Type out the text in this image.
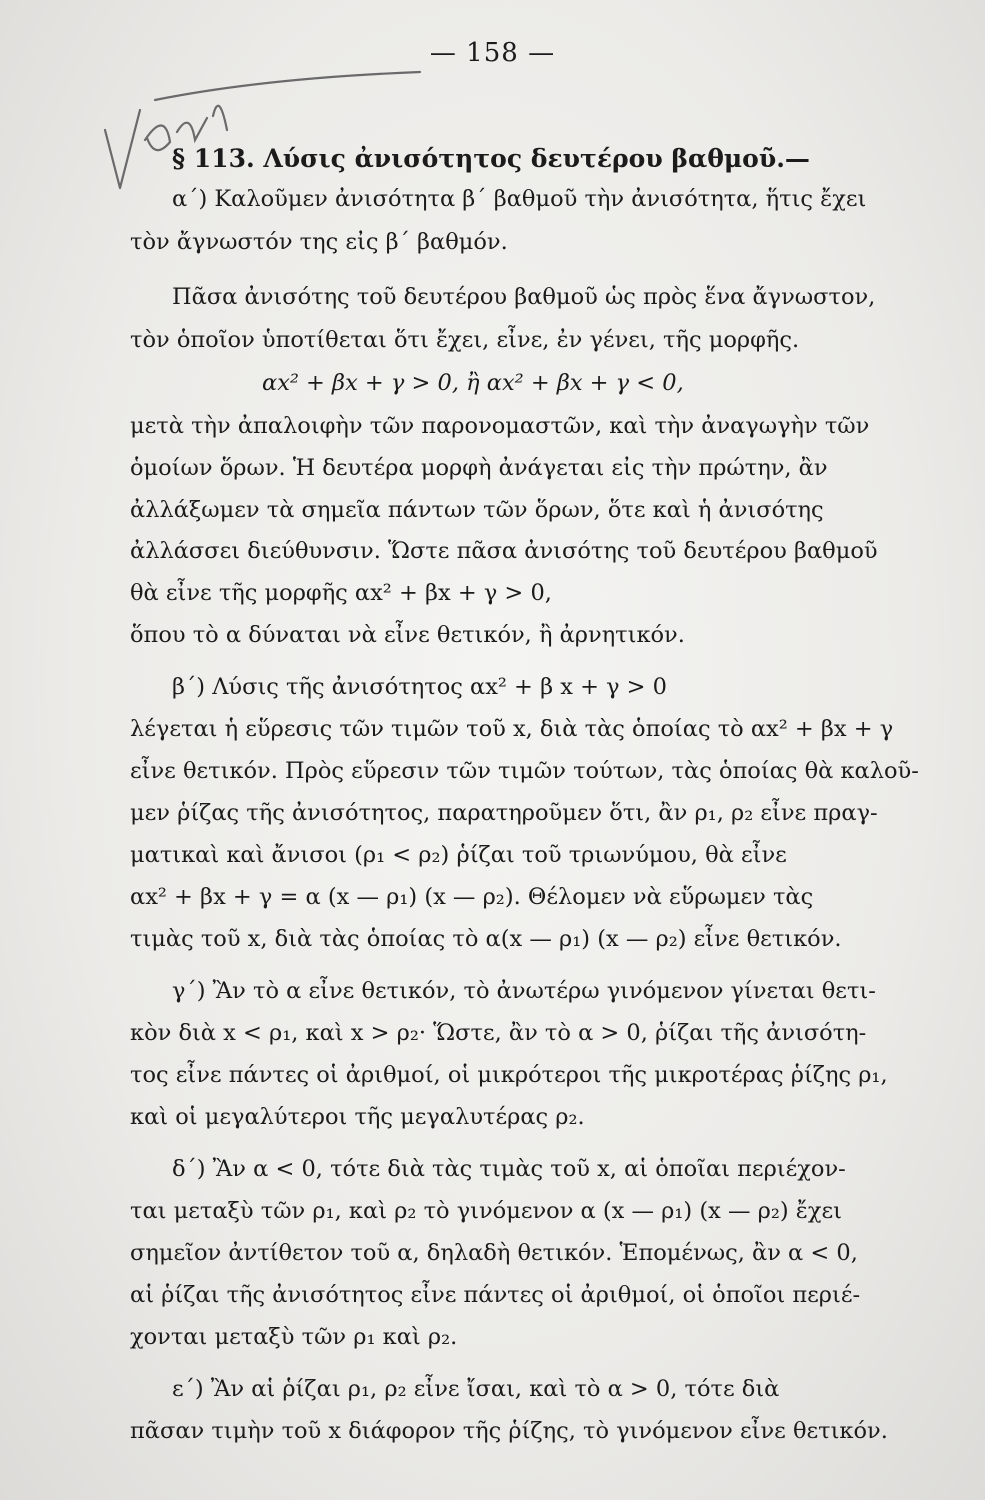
— 158 —
§ 113. Λύσις ἀνισότητος δευτέρου βαθμοῦ.—
α΄) Καλοῦμεν ἀνισότητα β΄ βαθμοῦ τὴν ἀνισότητα, ἥτις ἔχει
τὸν ἄγνωστόν της εἰς β΄ βαθμόν.
Πᾶσα ἀνισότης τοῦ δευτέρου βαθμοῦ ὡς πρὸς ἕνα ἄγνωστον,
τὸν ὁποῖον ὑποτίθεται ὅτι ἔχει, εἶνε, ἐν γένει, τῆς μορφῆς.
αx² + βx + γ > 0, ἢ αx² + βx + γ < 0,
μετὰ τὴν ἀπαλοιφὴν τῶν παρονομαστῶν, καὶ τὴν ἀναγωγὴν τῶν
ὁμοίων ὅρων. Ἡ δευτέρα μορφὴ ἀνάγεται εἰς τὴν πρώτην, ἂν
ἀλλάξωμεν τὰ σημεῖα πάντων τῶν ὅρων, ὅτε καὶ ἡ ἀνισότης
ἀλλάσσει διεύθυνσιν. Ὥστε πᾶσα ἀνισότης τοῦ δευτέρου βαθμοῦ
θὰ εἶνε τῆς μορφῆς αx² + βx + γ > 0,
ὅπου τὸ α δύναται νὰ εἶνε θετικόν, ἢ ἀρνητικόν.
β΄) Λύσις τῆς ἀνισότητος αx² + β x + γ > 0
λέγεται ἡ εὕρεσις τῶν τιμῶν τοῦ x, διὰ τὰς ὁποίας τὸ αx² + βx + γ
εἶνε θετικόν. Πρὸς εὕρεσιν τῶν τιμῶν τούτων, τὰς ὁποίας θὰ καλοῦ-
μεν ῥίζας τῆς ἀνισότητος, παρατηροῦμεν ὅτι, ἂν ρ₁, ρ₂ εἶνε πραγ-
ματικαὶ καὶ ἄνισοι (ρ₁ < ρ₂) ῥίζαι τοῦ τριωνύμου, θὰ εἶνε
αx² + βx + γ = α (x — ρ₁) (x — ρ₂). Θέλομεν νὰ εὕρωμεν τὰς
τιμὰς τοῦ x, διὰ τὰς ὁποίας τὸ α(x — ρ₁) (x — ρ₂) εἶνε θετικόν.
γ΄) Ἂν τὸ α εἶνε θετικόν, τὸ ἀνωτέρω γινόμενον γίνεται θετι-
κὸν διὰ x < ρ₁, καὶ x > ρ₂· Ὥστε, ἂν τὸ α > 0, ῥίζαι τῆς ἀνισότη-
τος εἶνε πάντες οἱ ἀριθμοί, οἱ μικρότεροι τῆς μικροτέρας ῥίζης ρ₁,
καὶ οἱ μεγαλύτεροι τῆς μεγαλυτέρας ρ₂.
δ΄) Ἂν α < 0, τότε διὰ τὰς τιμὰς τοῦ x, αἱ ὁποῖαι περιέχον-
ται μεταξὺ τῶν ρ₁, καὶ ρ₂ τὸ γινόμενον α (x — ρ₁) (x — ρ₂) ἔχει
σημεῖον ἀντίθετον τοῦ α, δηλαδὴ θετικόν. Ἑπομένως, ἂν α < 0,
αἱ ῥίζαι τῆς ἀνισότητος εἶνε πάντες οἱ ἀριθμοί, οἱ ὁποῖοι περιέ-
χονται μεταξὺ τῶν ρ₁ καὶ ρ₂.
ε΄) Ἂν αἱ ῥίζαι ρ₁, ρ₂ εἶνε ἴσαι, καὶ τὸ α > 0, τότε διὰ
πᾶσαν τιμὴν τοῦ x διάφορον τῆς ῥίζης, τὸ γινόμενον εἶνε θετικόν.
